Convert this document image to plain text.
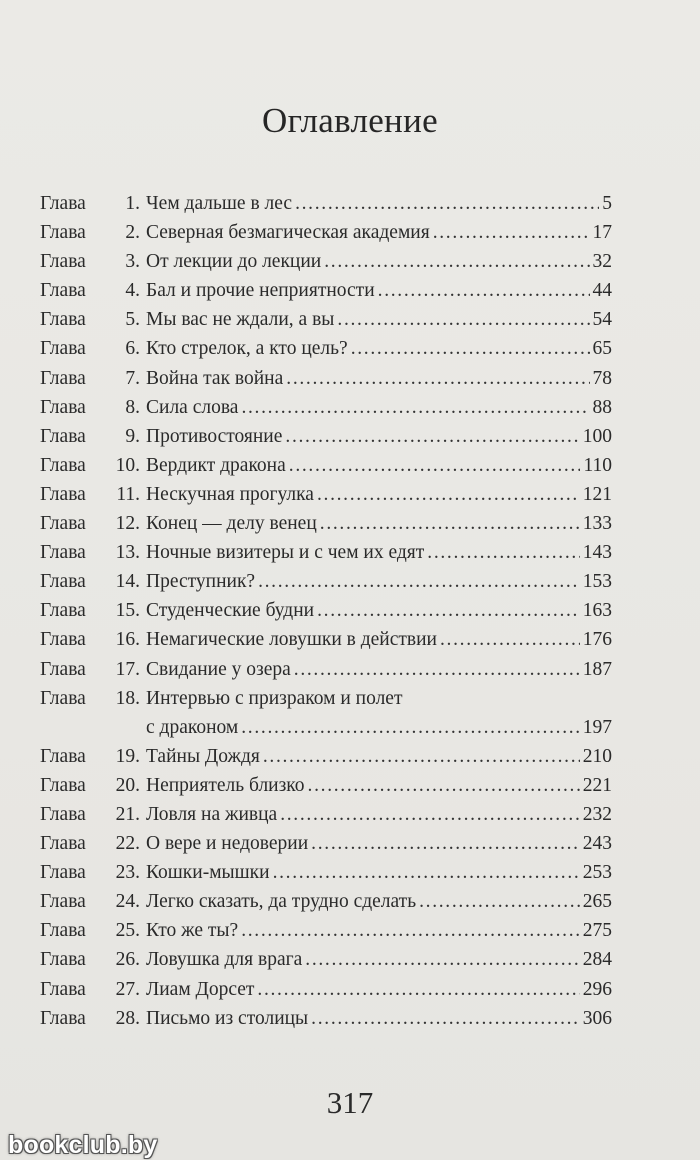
Оглавление
Глава	1. Чем дальше в лес . . .	5
Глава	2. Северная безмагическая академия . . .	17
Глава	3. От лекции до лекции . . .	32
Глава	4. Бал и прочие неприятности . . .	44
Глава	5. Мы вас не ждали, а вы . . .	54
Глава	6. Кто стрелок, а кто цель? . . .	65
Глава	7. Война так война . . .	78
Глава	8. Сила слова . . .	88
Глава	9. Противостояние . . .	100
Глава	10. Вердикт дракона . . .	110
Глава	11. Нескучная прогулка . . .	121
Глава	12. Конец — делу венец . . .	133
Глава	13. Ночные визитеры и с чем их едят . . .	143
Глава	14. Преступник? . . .	153
Глава	15. Студенческие будни . . .	163
Глава	16. Немагические ловушки в действии . . .	176
Глава	17. Свидание у озера . . .	187
Глава	18. Интервью с призраком и полет
с драконом . . .	197
Глава	19. Тайны Дождя . . .	210
Глава	20. Неприятель близко . . .	221
Глава	21. Ловля на живца . . .	232
Глава	22. О вере и недоверии . . .	243
Глава	23. Кошки-мышки . . .	253
Глава	24. Легко сказать, да трудно сделать . . .	265
Глава	25. Кто же ты? . . .	275
Глава	26. Ловушка для врага . . .	284
Глава	27. Лиам Дорсет . . .	296
Глава	28. Письмо из столицы . . .	306
317
bookclub.by
